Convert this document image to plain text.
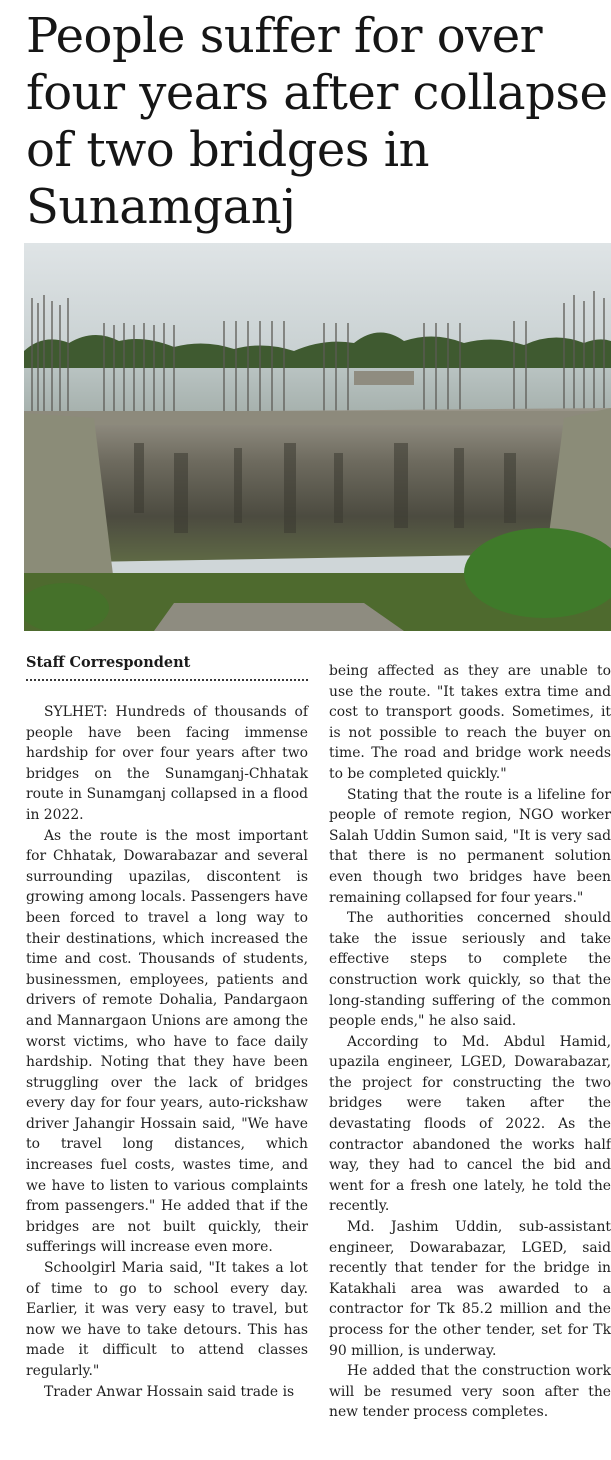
People suffer for over four years after collapse of two bridges in Sunamganj
Staff Correspondent

SYLHET: Hundreds of thousands of people have been facing immense hardship for over four years after two bridges on the Sunamganj-Chhatak route in Sunamganj collapsed in a flood in 2022.

As the route is the most important for Chhatak, Dowarabazar and several surrounding upazilas, discontent is growing among locals. Passengers have been forced to travel a long way to their destinations, which increased the time and cost. Thousands of students, businessmen, employees, patients and drivers of remote Dohalia, Pandargaon and Mannargaon Unions are among the worst victims, who have to face daily hardship. Noting that they have been struggling over the lack of bridges every day for four years, auto-rickshaw driver Jahangir Hossain said, "We have to travel long distances, which increases fuel costs, wastes time, and we have to listen to various complaints from passengers." He added that if the bridges are not built quickly, their sufferings will increase even more.

Schoolgirl Maria said, "It takes a lot of time to go to school every day. Earlier, it was very easy to travel, but now we have to take detours. This has made it difficult to attend classes regularly."

Trader Anwar Hossain said trade is

being affected as they are unable to use the route. "It takes extra time and cost to transport goods. Sometimes, it is not possible to reach the buyer on time. The road and bridge work needs to be completed quickly."

Stating that the route is a lifeline for people of remote region, NGO worker Salah Uddin Sumon said, "It is very sad that there is no permanent solution even though two bridges have been remaining collapsed for four years."

The authorities concerned should take the issue seriously and take effective steps to complete the construction work quickly, so that the long-standing suffering of the common people ends," he also said.

According to Md. Abdul Hamid, upazila engineer, LGED, Dowarabazar, the project for constructing the two bridges were taken after the devastating floods of 2022. As the contractor abandoned the works half way, they had to cancel the bid and went for a fresh one lately, he told the recently.

Md. Jashim Uddin, sub-assistant engineer, Dowarabazar, LGED, said recently that tender for the bridge in Katakhali area was awarded to a contractor for Tk 85.2 million and the process for the other tender, set for Tk 90 million, is underway.

He added that the construction work will be resumed very soon after the new tender process completes.
